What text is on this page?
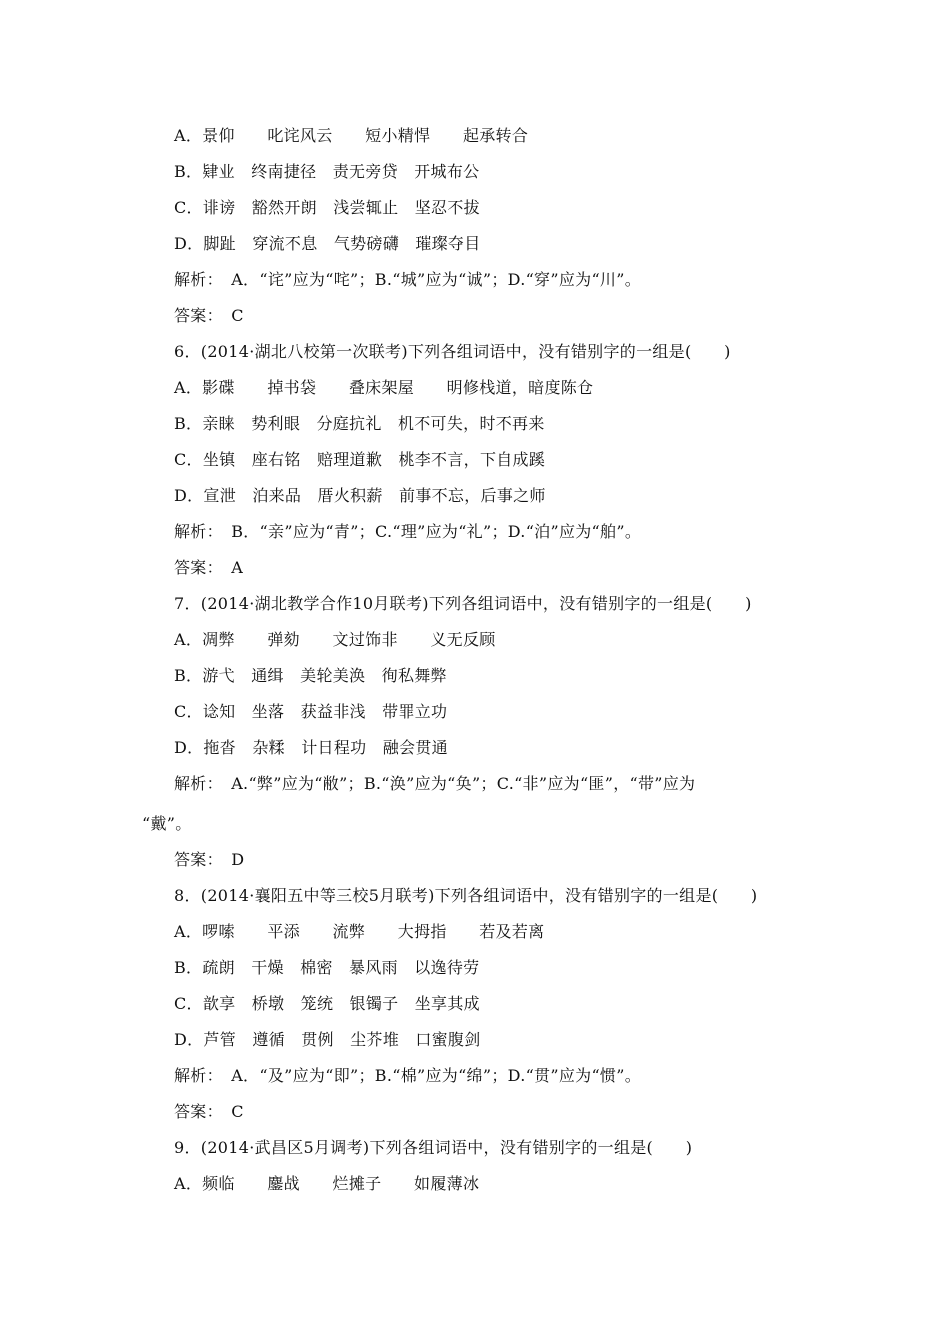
A．景仰　　叱诧风云　　短小精悍　　起承转合
B．肄业　终南捷径　责无旁贷　开城布公
C．诽谤　豁然开朗　浅尝辄止　坚忍不拔
D．脚趾　穿流不息　气势磅礴　璀璨夺目
解析：　A．“诧”应为“咤”；B.“城”应为“诚”；D.“穿”应为“川”。
答案：　C
6．(2014·湖北八校第一次联考)下列各组词语中，没有错别字的一组是(　　)
A．影碟　　掉书袋　　叠床架屋　　明修栈道，暗度陈仓
B．亲睐　势利眼　分庭抗礼　机不可失，时不再来
C．坐镇　座右铭　赔理道歉　桃李不言，下自成蹊
D．宣泄　泊来品　厝火积薪　前事不忘，后事之师
解析：　B．“亲”应为“青”；C.“理”应为“礼”；D.“泊”应为“舶”。
答案：　A
7．(2014·湖北教学合作10月联考)下列各组词语中，没有错别字的一组是(　　)
A．凋弊　　弹劾　　文过饰非　　义无反顾
B．游弋　通缉　美轮美涣　徇私舞弊
C．谂知　坐落　获益非浅　带罪立功
D．拖沓　杂糅　计日程功　融会贯通
解析：　A.“弊”应为“敝”；B.“涣”应为“奂”；C.“非”应为“匪”，“带”应为
“戴”。
答案：　D
8．(2014·襄阳五中等三校5月联考)下列各组词语中，没有错别字的一组是(　　)
A．啰嗦　　平添　　流弊　　大拇指　　若及若离
B．疏朗　干燥　棉密　暴风雨　以逸待劳
C．歆享　桥墩　笼统　银镯子　坐享其成
D．芦管　遵循　贯例　尘芥堆　口蜜腹剑
解析：　A．“及”应为“即”；B.“棉”应为“绵”；D.“贯”应为“惯”。
答案：　C
9．(2014·武昌区5月调考)下列各组词语中，没有错别字的一组是(　　)
A．频临　　鏖战　　烂摊子　　如履薄冰
